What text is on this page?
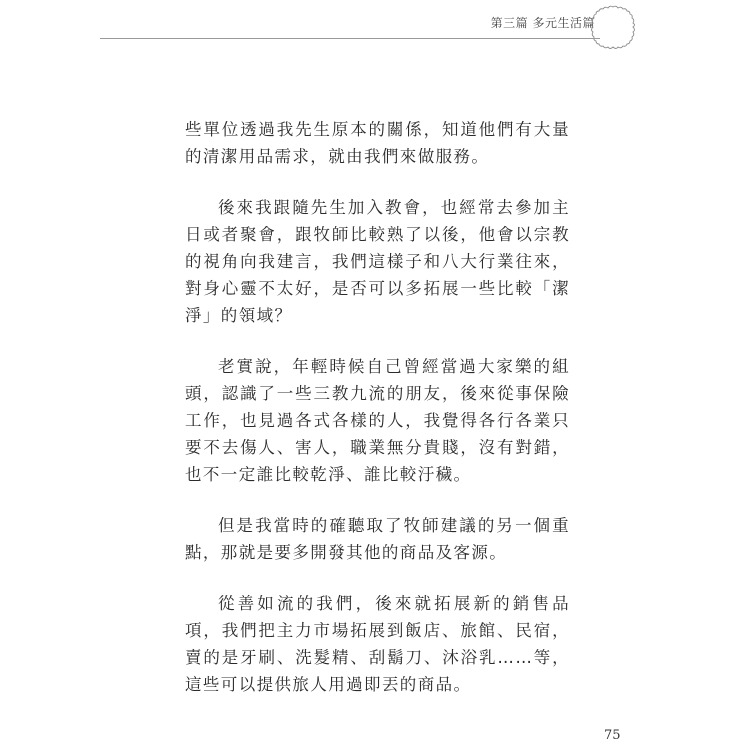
第三篇 多元生活篇

些單位透過我先生原本的關係，知道他們有大量的清潔用品需求，就由我們來做服務。

後來我跟隨先生加入教會，也經常去參加主日或者聚會，跟牧師比較熟了以後，他會以宗教的視角向我建言，我們這樣子和八大行業往來，對身心靈不太好，是否可以多拓展一些比較「潔淨」的領域？

老實說，年輕時候自己曾經當過大家樂的組頭，認識了一些三教九流的朋友，後來從事保險工作，也見過各式各樣的人，我覺得各行各業只要不去傷人、害人，職業無分貴賤，沒有對錯，也不一定誰比較乾淨、誰比較汙穢。

但是我當時的確聽取了牧師建議的另一個重點，那就是要多開發其他的商品及客源。

從善如流的我們，後來就拓展新的銷售品項，我們把主力市場拓展到飯店、旅館、民宿，賣的是牙刷、洗髮精、刮鬍刀、沐浴乳……等，這些可以提供旅人用過即丟的商品。

75
